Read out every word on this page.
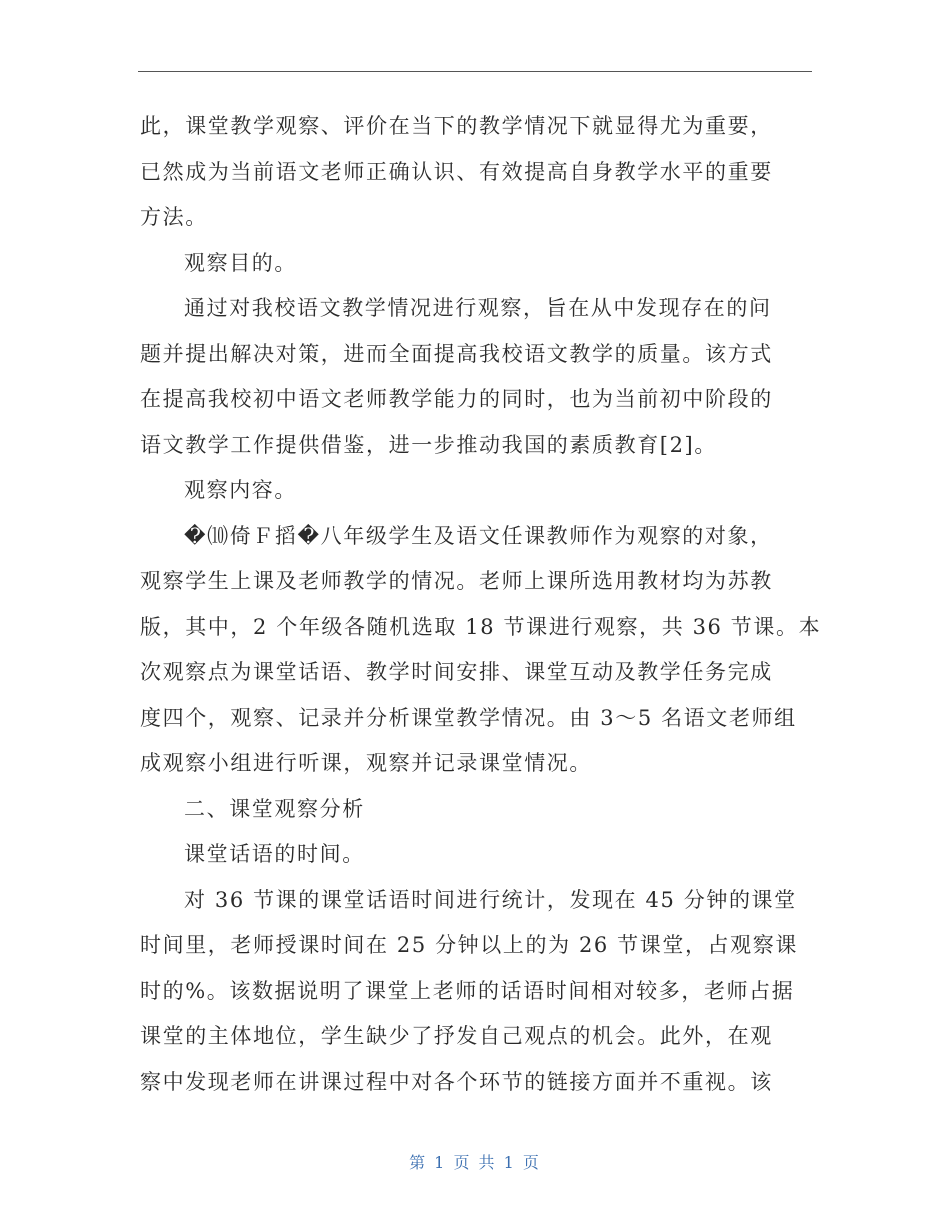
此，课堂教学观察、评价在当下的教学情况下就显得尤为重要，
已然成为当前语文老师正确认识、有效提高自身教学水平的重要
方法。
观察目的。
通过对我校语文教学情况进行观察，旨在从中发现存在的问
题并提出解决对策，进而全面提高我校语文教学的质量。该方式
在提高我校初中语文老师教学能力的同时，也为当前初中阶段的
语文教学工作提供借鉴，进一步推动我国的素质教育[2]。
观察内容。
�⑽倚Ｆ搯�八年级学生及语文任课教师作为观察的对象，
观察学生上课及老师教学的情况。老师上课所选用教材均为苏教
版，其中，2 个年级各随机选取 18 节课进行观察，共 36 节课。本
次观察点为课堂话语、教学时间安排、课堂互动及教学任务完成
度四个，观察、记录并分析课堂教学情况。由 3～5 名语文老师组
成观察小组进行听课，观察并记录课堂情况。
二、课堂观察分析
课堂话语的时间。
对 36 节课的课堂话语时间进行统计，发现在 45 分钟的课堂
时间里，老师授课时间在 25 分钟以上的为 26 节课堂，占观察课
时的%。该数据说明了课堂上老师的话语时间相对较多，老师占据
课堂的主体地位，学生缺少了抒发自己观点的机会。此外，在观
察中发现老师在讲课过程中对各个环节的链接方面并不重视。该
第 1 页 共 1 页
